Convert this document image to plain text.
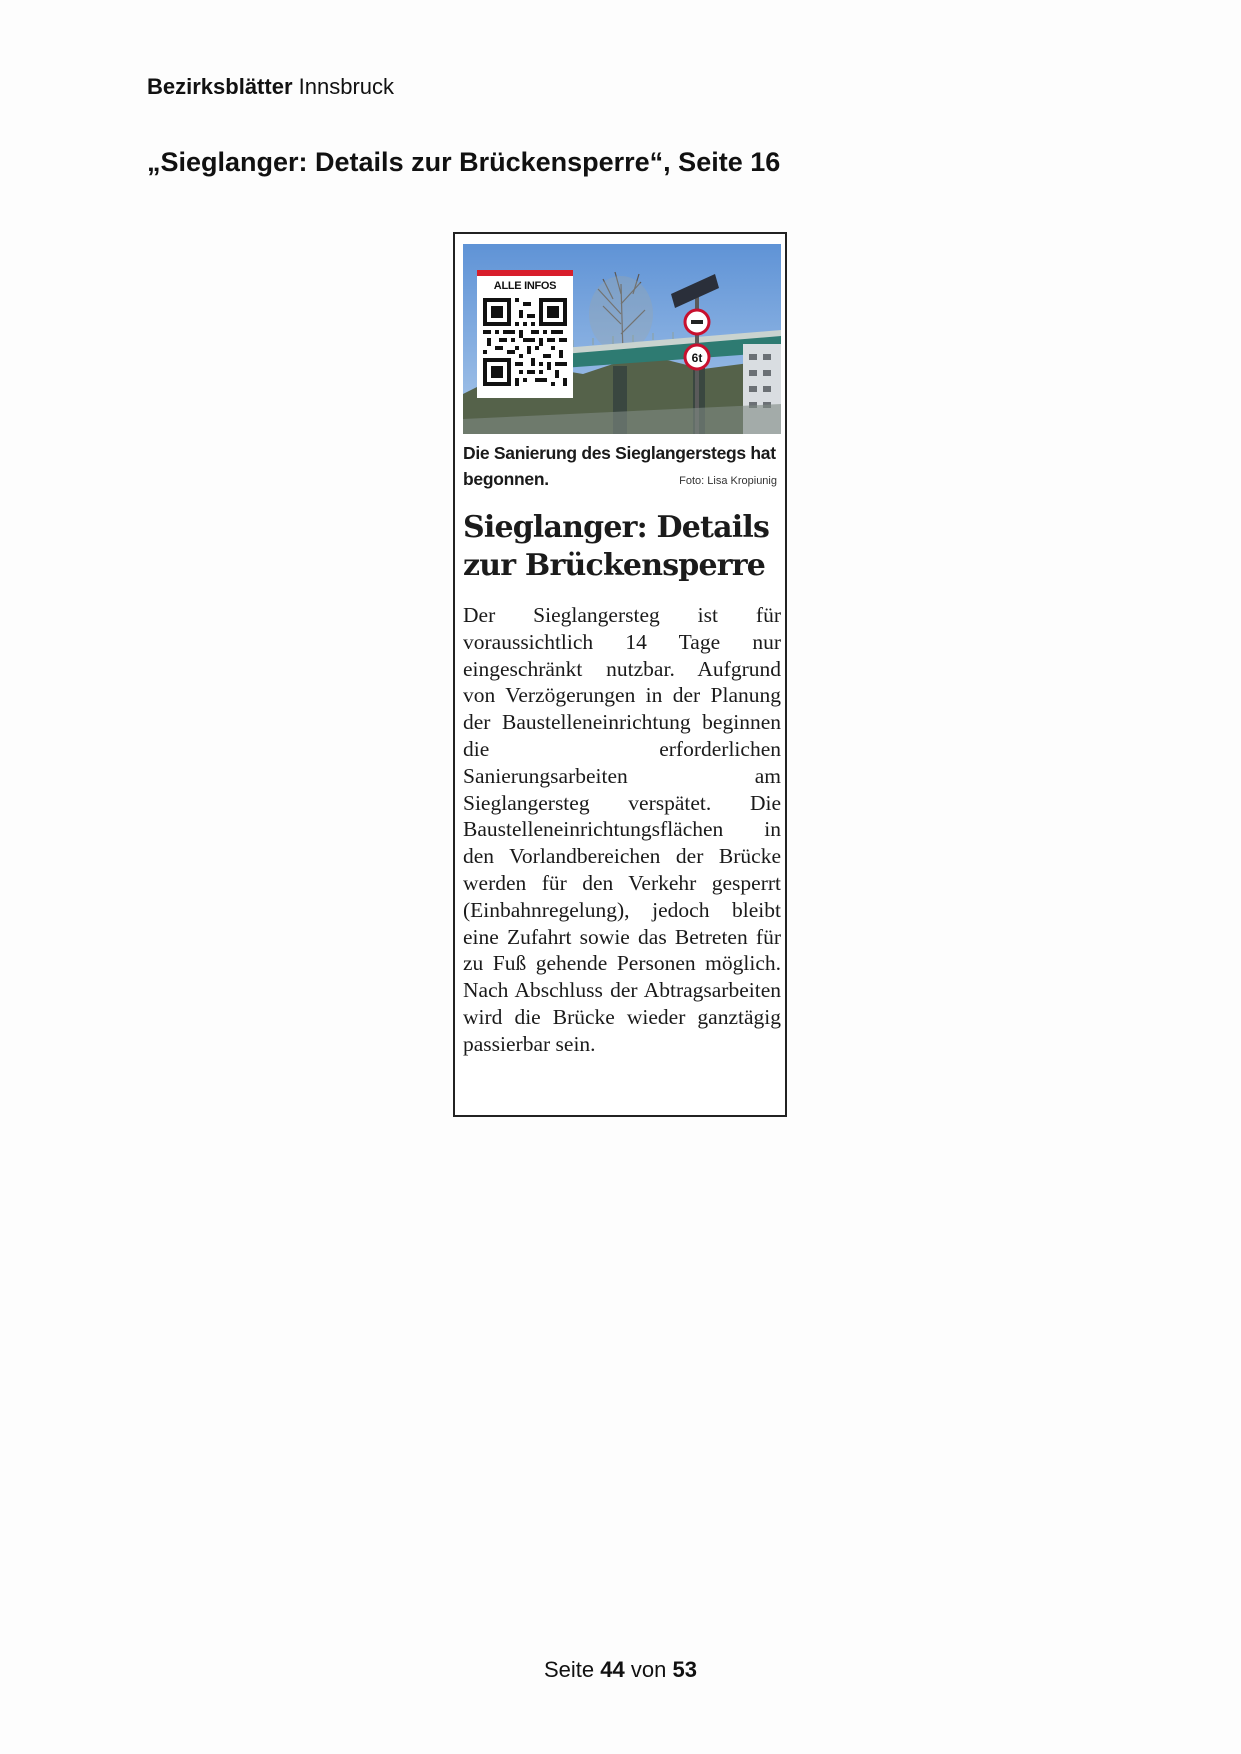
Bezirksblätter Innsbruck
„Sieglanger: Details zur Brückensperre“, Seite 16
6t
ALLE INFOS
Die Sanierung des Sieglangerstegs hat begonnen.	Foto: Lisa Kropiunig
Sieglanger: Details zur Brückensperre
Der Sieglangersteg ist für voraussichtlich 14 Tage nur eingeschränkt nutzbar. Aufgrund von Verzögerungen in der Planung der Baustelleneinrichtung beginnen die erforderlichen Sanierungsarbeiten am Sieglangersteg verspätet. Die Baustelleneinrichtungsflächen in den Vorlandbereichen der Brücke werden für den Verkehr gesperrt (Einbahnregelung), jedoch bleibt eine Zufahrt sowie das Betreten für zu Fuß gehende Personen möglich. Nach Abschluss der Abtragsarbeiten wird die Brücke wieder ganztägig passierbar sein.
Seite 44 von 53
